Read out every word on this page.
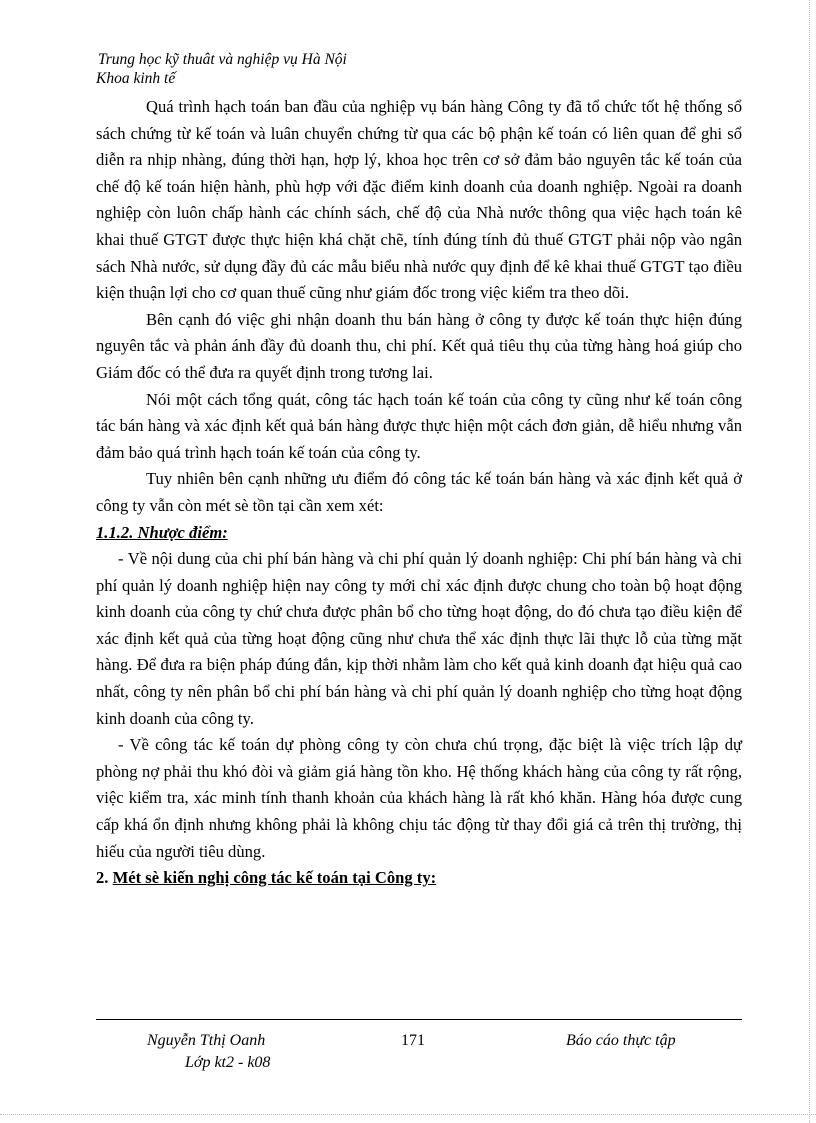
Trung học kỹ thuât và nghiệp vụ Hà Nội
Khoa kinh tế

Quá trình hạch toán ban đầu của nghiệp vụ bán hàng Công ty đã tổ chức tốt hệ thống sổ sách chứng từ kế toán và luân chuyển chứng từ qua các bộ phận kế toán có liên quan để ghi sổ diễn ra nhịp nhàng, đúng thời hạn, hợp lý, khoa học trên cơ sở đảm bảo nguyên tắc kế toán của chế độ kế toán hiện hành, phù hợp với đặc điểm kinh doanh của doanh nghiệp. Ngoài ra doanh nghiệp còn luôn chấp hành các chính sách, chế độ của Nhà nước thông qua việc hạch toán kê khai thuế GTGT được thực hiện khá chặt chẽ, tính đúng tính đủ thuế GTGT phải nộp vào ngân sách Nhà nước, sử dụng đầy đủ các mẫu biểu nhà nước quy định để kê khai thuế GTGT tạo điều kiện thuận lợi cho cơ quan thuế cũng như giám đốc trong việc kiểm tra theo dõi.

Bên cạnh đó việc ghi nhận doanh thu bán hàng ở công ty được kế toán thực hiện đúng nguyên tắc và phản ánh đầy đủ doanh thu, chi phí. Kết quả tiêu thụ của từng hàng hoá giúp cho Giám đốc có thể đưa ra quyết định trong tương lai.

Nói một cách tổng quát, công tác hạch toán kế toán của công ty cũng như kế toán công tác bán hàng và xác định kết quả bán hàng được thực hiện một cách đơn giản, dễ hiểu nhưng vẫn đảm bảo quá trình hạch toán kế toán của công ty.

Tuy nhiên bên cạnh những ưu điểm đó công tác kế toán bán hàng và xác định kết quả ở công ty vẫn còn mét sè tồn tại cần xem xét:

1.1.2. Nhược điểm:

- Về nội dung của chi phí bán hàng và chi phí quản lý doanh nghiệp: Chi phí bán hàng và chi phí quản lý doanh nghiệp hiện nay công ty mới chỉ xác định được chung cho toàn bộ hoạt động kinh doanh của công ty chứ chưa được phân bổ cho từng hoạt động, do đó chưa tạo điều kiện để xác định kết quả của từng hoạt động cũng như chưa thể xác định thực lãi thực lỗ của từng mặt hàng. Để đưa ra biện pháp đúng đắn, kịp thời nhằm làm cho kết quả kinh doanh đạt hiệu quả cao nhất, công ty nên phân bổ chi phí bán hàng và chi phí quản lý doanh nghiệp cho từng hoạt động kinh doanh của công ty.

- Về công tác kế toán dự phòng công ty còn chưa chú trọng, đặc biệt là việc trích lập dự phòng nợ phải thu khó đòi và giảm giá hàng tồn kho. Hệ thống khách hàng của công ty rất rộng, việc kiểm tra, xác minh tính thanh khoản của khách hàng là rất khó khăn. Hàng hóa được cung cấp khá ổn định nhưng không phải là không chịu tác động từ thay đổi giá cả trên thị trường, thị hiếu của người tiêu dùng.

2. Mét sè kiến nghị công tác kế toán tại Công ty:

Nguyễn Tthị Oanh
Lớp kt2 - k08
171	Báo cáo thực tập
